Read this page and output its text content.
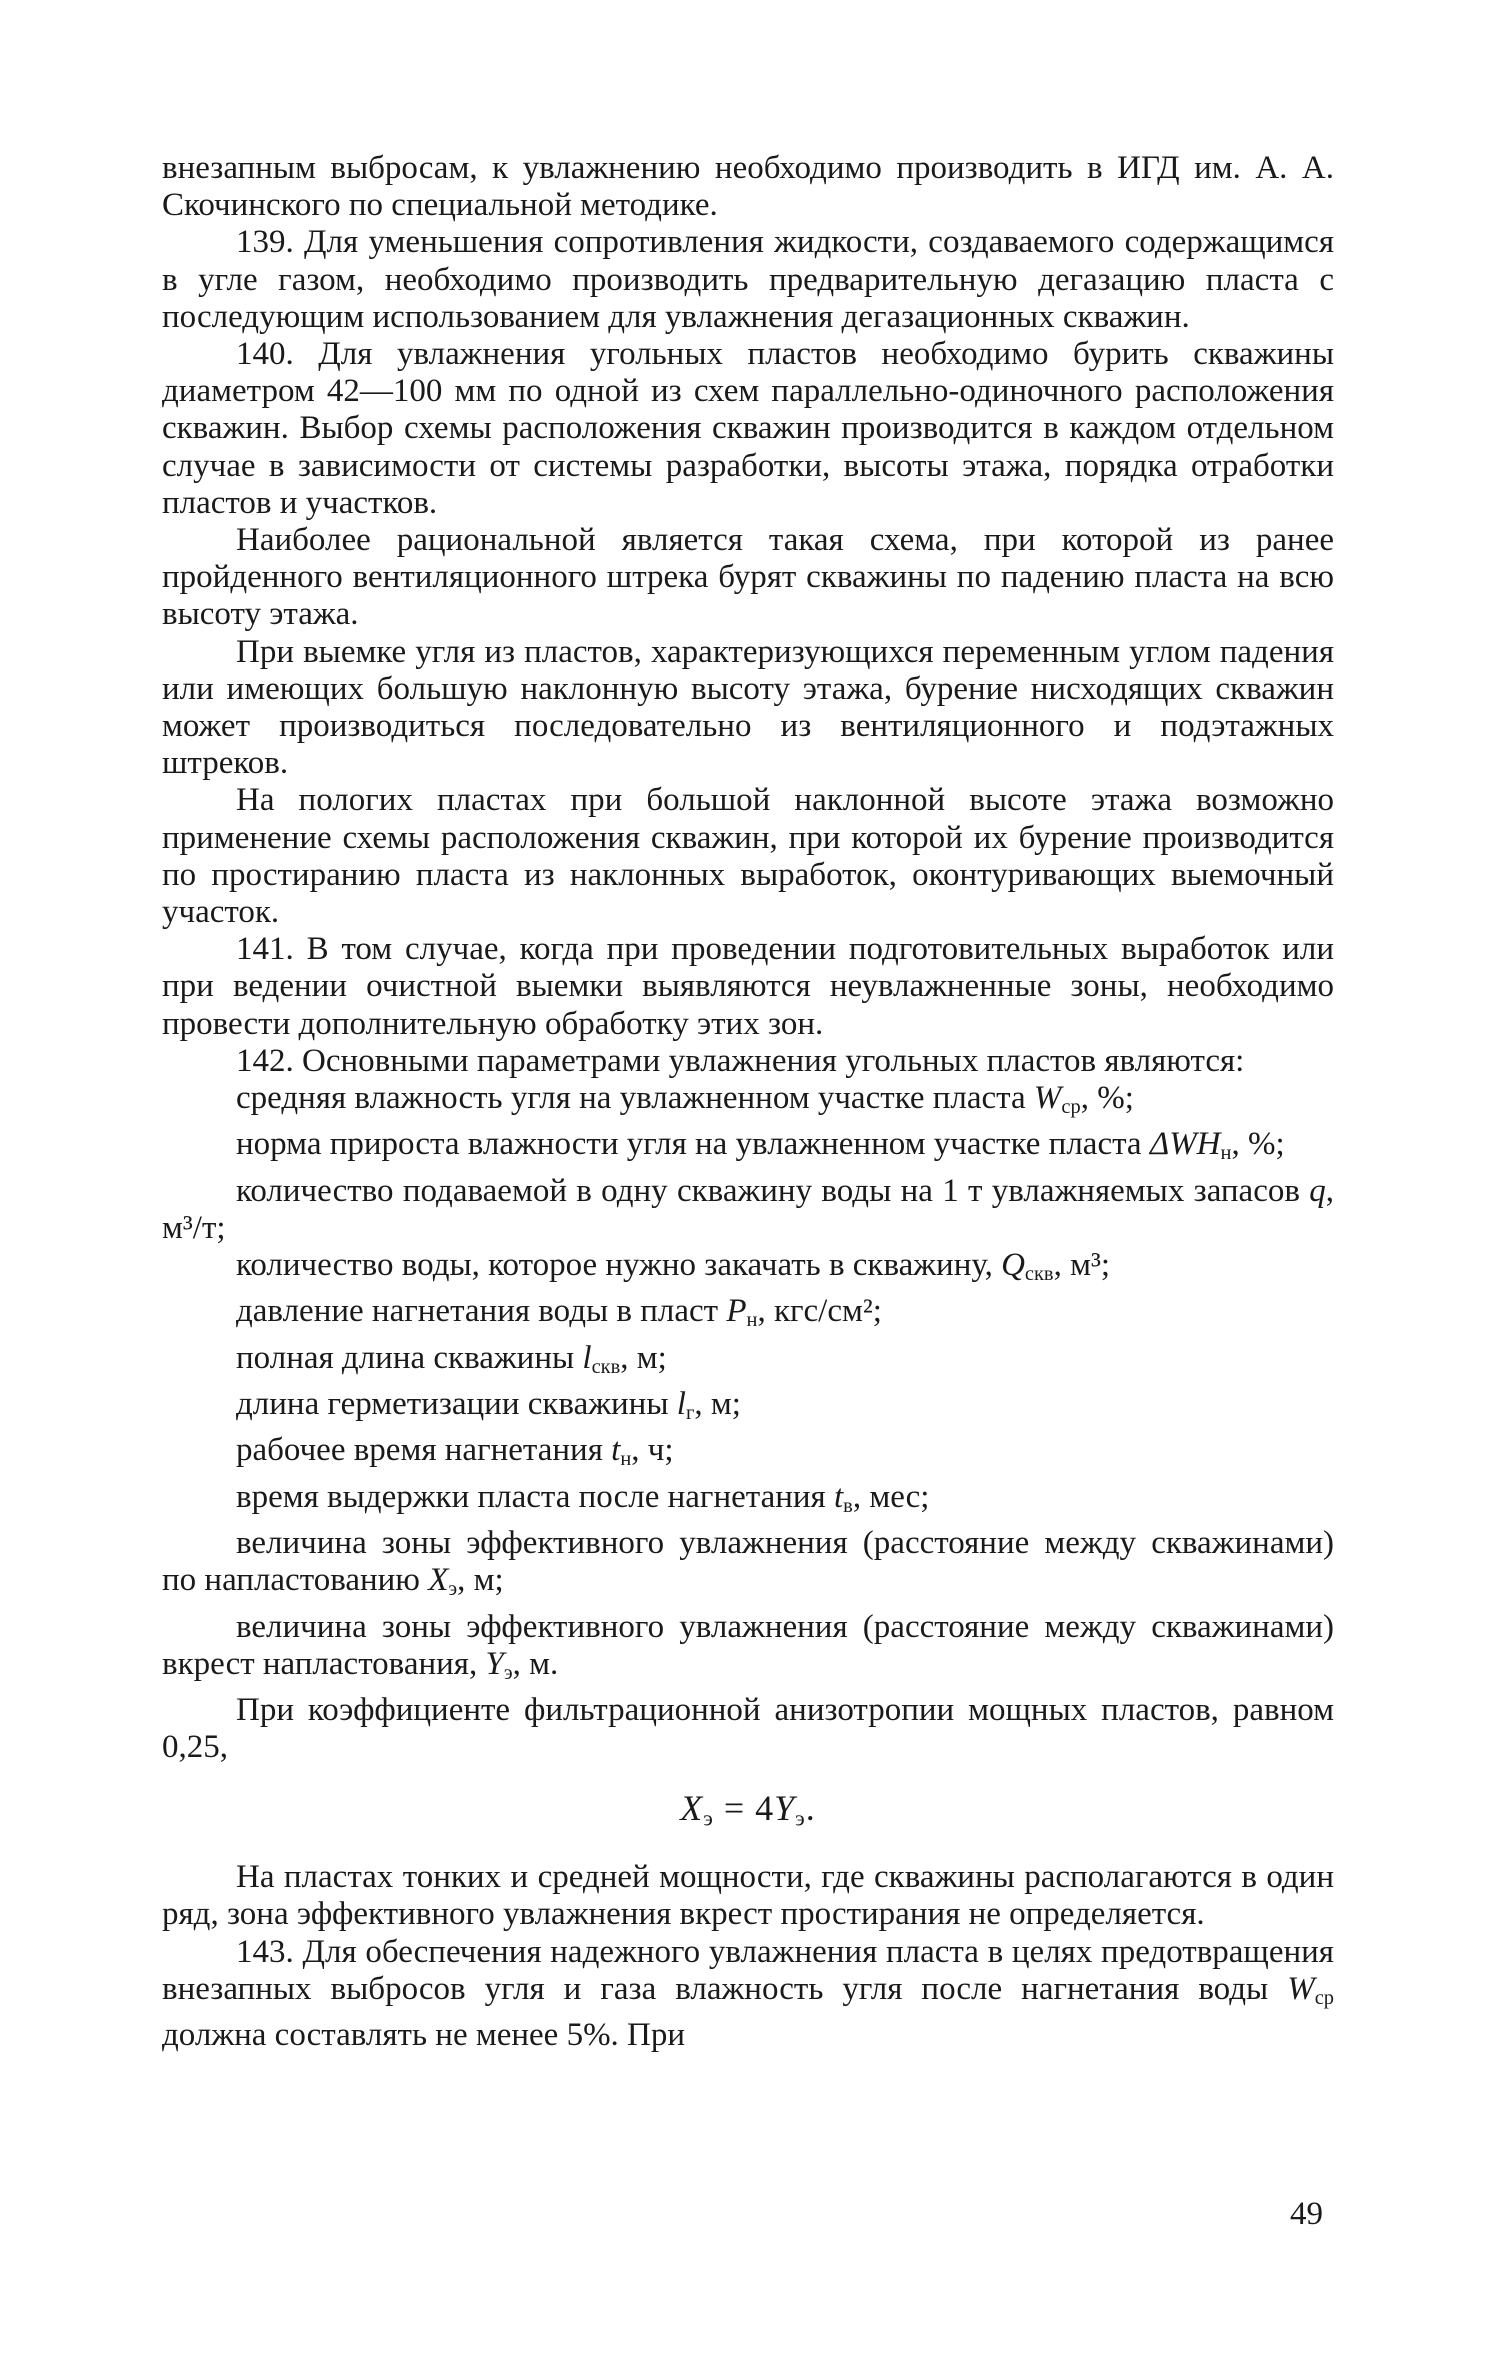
внезапным выбросам, к увлажнению необходимо производить в ИГД им. А. А. Скочинского по специальной методике.

139. Для уменьшения сопротивления жидкости, создаваемого содержащимся в угле газом, необходимо производить предварительную дегазацию пласта с последующим использованием для увлажнения дегазационных скважин.

140. Для увлажнения угольных пластов необходимо бурить скважины диаметром 42—100 мм по одной из схем параллельно-одиночного расположения скважин. Выбор схемы расположения скважин производится в каждом отдельном случае в зависимости от системы разработки, высоты этажа, порядка отработки пластов и участков.

Наиболее рациональной является такая схема, при которой из ранее пройденного вентиляционного штрека бурят скважины по падению пласта на всю высоту этажа.

При выемке угля из пластов, характеризующихся переменным углом падения или имеющих большую наклонную высоту этажа, бурение нисходящих скважин может производиться последовательно из вентиляционного и подэтажных штреков.

На пологих пластах при большой наклонной высоте этажа возможно применение схемы расположения скважин, при которой их бурение производится по простиранию пласта из наклонных выработок, оконтуривающих выемочный участок.

141. В том случае, когда при проведении подготовительных выработок или при ведении очистной выемки выявляются неувлажненные зоны, необходимо провести дополнительную обработку этих зон.

142. Основными параметрами увлажнения угольных пластов являются:

средняя влажность угля на увлажненном участке пласта $W_{ср}$, %;

норма прироста влажности угля на увлажненном участке пласта $\Delta WH_н$, %;

количество подаваемой в одну скважину воды на 1 т увлажняемых запасов q, м³/т;

количество воды, которое нужно закачать в скважину, $Q_{скв}$, м³;

давление нагнетания воды в пласт $P_н$, кгс/см²;

полная длина скважины $l_{скв}$, м;

длина герметизации скважины $l_г$, м;

рабочее время нагнетания $t_н$, ч;

время выдержки пласта после нагнетания $t_в$, мес;

величина зоны эффективного увлажнения (расстояние между скважинами) по напластованию $X_э$, м;

величина зоны эффективного увлажнения (расстояние между скважинами) вкрест напластования, $Y_э$, м.

При коэффициенте фильтрационной анизотропии мощных пластов, равном 0,25,

$X_э = 4Y_э$.

На пластах тонких и средней мощности, где скважины располагаются в один ряд, зона эффективного увлажнения вкрест простирания не определяется.

143. Для обеспечения надежного увлажнения пласта в целях предотвращения внезапных выбросов угля и газа влажность угля после нагнетания воды $W_{ср}$ должна составлять не менее 5%. При

49
